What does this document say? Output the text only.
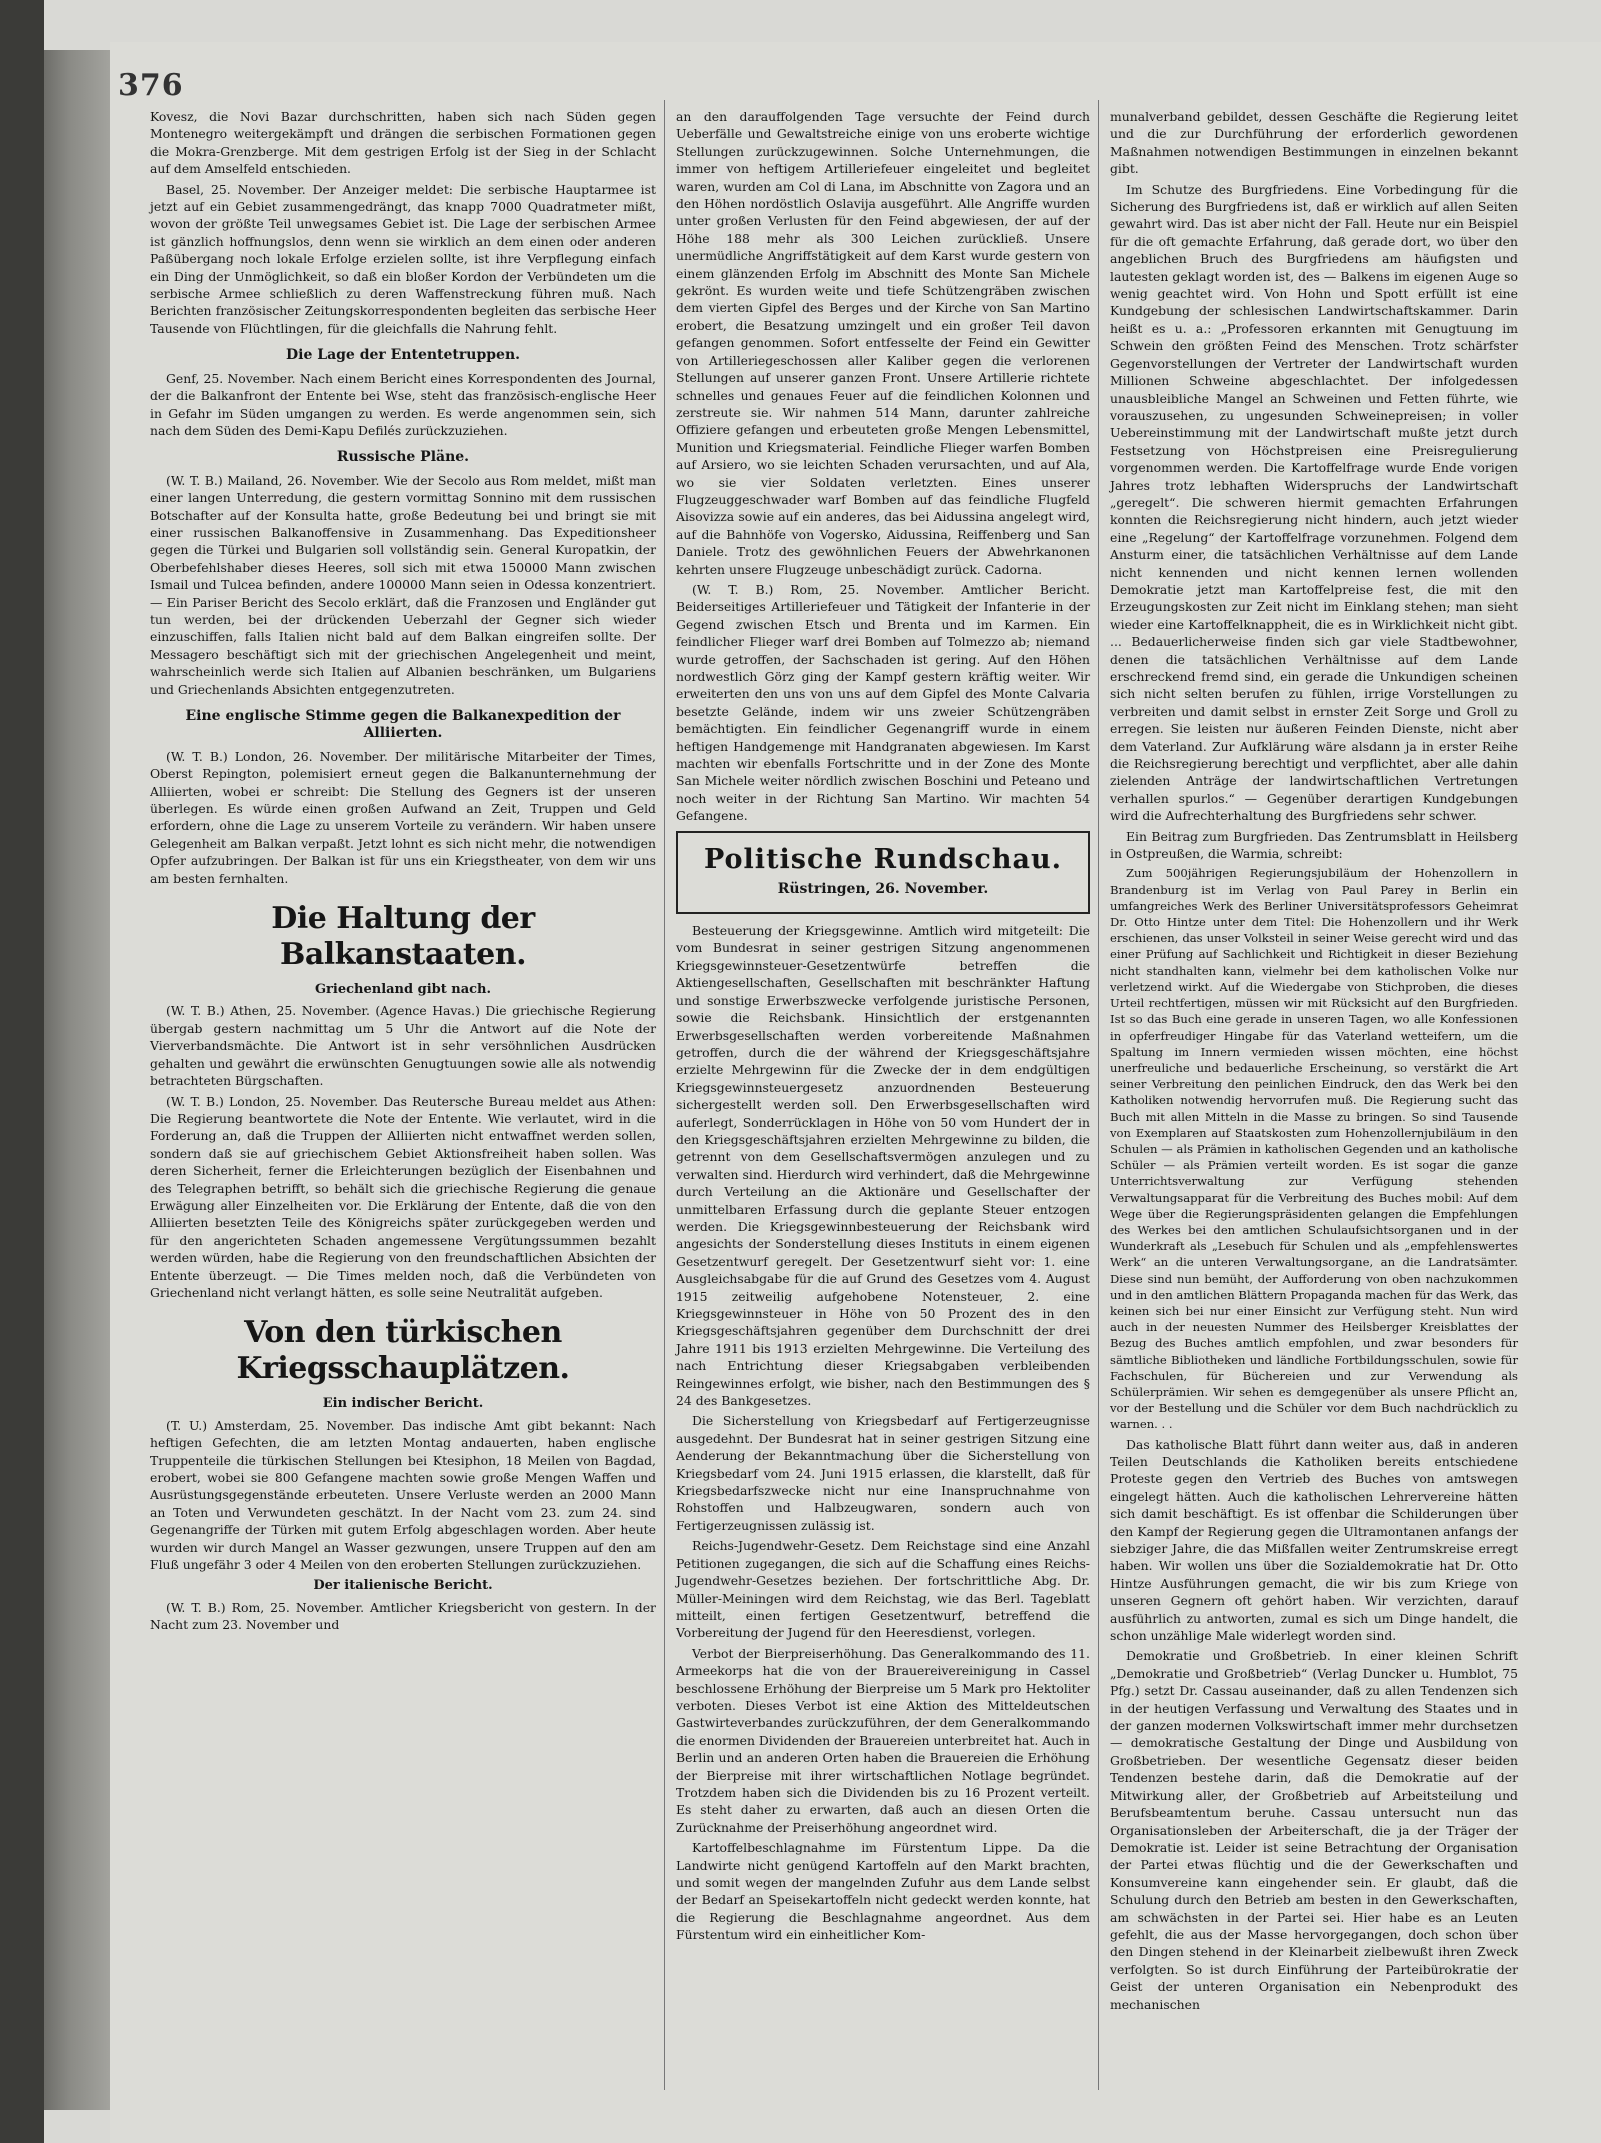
376

Kovesz, die Novi Bazar durchschritten, haben sich nach Süden gegen Montenegro weitergekämpft und drängen die serbischen Formationen gegen die Mokra-Grenzberge. Mit dem gestrigen Erfolg ist der Sieg in der Schlacht auf dem Amselfeld entschieden.

Basel, 25. November. Der Anzeiger meldet: Die serbische Hauptarmee ist jetzt auf ein Gebiet zusammengedrängt, das knapp 7000 Quadratmeter mißt, wovon der größte Teil unwegsames Gebiet ist. Die Lage der serbischen Armee ist gänzlich hoffnungslos, denn wenn sie wirklich an dem einen oder anderen Paßübergang noch lokale Erfolge erzielen sollte, ist ihre Verpflegung einfach ein Ding der Unmöglichkeit, so daß ein bloßer Kordon der Verbündeten um die serbische Armee schließlich zu deren Waffenstreckung führen muß. Nach Berichten französischer Zeitungskorrespondenten begleiten das serbische Heer Tausende von Flüchtlingen, für die gleichfalls die Nahrung fehlt.

Die Lage der Ententetruppen.

Genf, 25. November. Nach einem Bericht eines Korrespondenten des Journal, der die Balkanfront der Entente bei Wse, steht das französisch-englische Heer in Gefahr im Süden umgangen zu werden. Es werde angenommen sein, sich nach dem Süden des Demi-Kapu Defilés zurückzuziehen.

Russische Pläne.

(W. T. B.) Mailand, 26. November. Wie der Secolo aus Rom meldet, mißt man einer langen Unterredung, die gestern vormittag Sonnino mit dem russischen Botschafter auf der Konsulta hatte, große Bedeutung bei und bringt sie mit einer russischen Balkanoffensive in Zusammenhang. Das Expeditionsheer gegen die Türkei und Bulgarien soll vollständig sein. General Kuropatkin, der Oberbefehlshaber dieses Heeres, soll sich mit etwa 150000 Mann zwischen Ismail und Tulcea befinden, andere 100000 Mann seien in Odessa konzentriert. — Ein Pariser Bericht des Secolo erklärt, daß die Franzosen und Engländer gut tun werden, bei der drückenden Ueberzahl der Gegner sich wieder einzuschiffen, falls Italien nicht bald auf dem Balkan eingreifen sollte. Der Messagero beschäftigt sich mit der griechischen Angelegenheit und meint, wahrscheinlich werde sich Italien auf Albanien beschränken, um Bulgariens und Griechenlands Absichten entgegenzutreten.

Eine englische Stimme gegen die Balkanexpedition der Alliierten.

(W. T. B.) London, 26. November. Der militärische Mitarbeiter der Times, Oberst Repington, polemisiert erneut gegen die Balkanunternehmung der Alliierten, wobei er schreibt: Die Stellung des Gegners ist der unseren überlegen. Es würde einen großen Aufwand an Zeit, Truppen und Geld erfordern, ohne die Lage zu unserem Vorteile zu verändern. Wir haben unsere Gelegenheit am Balkan verpaßt. Jetzt lohnt es sich nicht mehr, die notwendigen Opfer aufzubringen. Der Balkan ist für uns ein Kriegstheater, von dem wir uns am besten fernhalten.

Die Haltung der Balkanstaaten.
Griechenland gibt nach.

(W. T. B.) Athen, 25. November. (Agence Havas.) Die griechische Regierung übergab gestern nachmittag um 5 Uhr die Antwort auf die Note der Vierverbandsmächte. Die Antwort ist in sehr versöhnlichen Ausdrücken gehalten und gewährt die erwünschten Genugtuungen sowie alle als notwendig betrachteten Bürgschaften.

(W. T. B.) London, 25. November. Das Reutersche Bureau meldet aus Athen: Die Regierung beantwortete die Note der Entente. Wie verlautet, wird in die Forderung an, daß die Truppen der Alliierten nicht entwaffnet werden sollen, sondern daß sie auf griechischem Gebiet Aktionsfreiheit haben sollen. Was deren Sicherheit, ferner die Erleichterungen bezüglich der Eisenbahnen und des Telegraphen betrifft, so behält sich die griechische Regierung die genaue Erwägung aller Einzelheiten vor. Die Erklärung der Entente, daß die von den Alliierten besetzten Teile des Königreichs später zurückgegeben werden und für den angerichteten Schaden angemessene Vergütungssummen bezahlt werden würden, habe die Regierung von den freundschaftlichen Absichten der Entente überzeugt. — Die Times melden noch, daß die Verbündeten von Griechenland nicht verlangt hätten, es solle seine Neutralität aufgeben.

Von den türkischen Kriegsschauplätzen.
Ein indischer Bericht.

(T. U.) Amsterdam, 25. November. Das indische Amt gibt bekannt: Nach heftigen Gefechten, die am letzten Montag andauerten, haben englische Truppenteile die türkischen Stellungen bei Ktesiphon, 18 Meilen von Bagdad, erobert, wobei sie 800 Gefangene machten sowie große Mengen Waffen und Ausrüstungsgegenstände erbeuteten. Unsere Verluste werden an 2000 Mann an Toten und Verwundeten geschätzt. In der Nacht vom 23. zum 24. sind Gegenangriffe der Türken mit gutem Erfolg abgeschlagen worden. Aber heute wurden wir durch Mangel an Wasser gezwungen, unsere Truppen auf den am Fluß ungefähr 3 oder 4 Meilen von den eroberten Stellungen zurückzuziehen.

Der italienische Bericht.

(W. T. B.) Rom, 25. November. Amtlicher Kriegsbericht von gestern. In der Nacht zum 23. November und

an den darauffolgenden Tage versuchte der Feind durch Ueberfälle und Gewaltstreiche einige von uns eroberte wichtige Stellungen zurückzugewinnen. Solche Unternehmungen, die immer von heftigem Artilleriefeuer eingeleitet und begleitet waren, wurden am Col di Lana, im Abschnitte von Zagora und an den Höhen nordöstlich Oslavija ausgeführt. Alle Angriffe wurden unter großen Verlusten für den Feind abgewiesen, der auf der Höhe 188 mehr als 300 Leichen zurückließ. Unsere unermüdliche Angriffstätigkeit auf dem Karst wurde gestern von einem glänzenden Erfolg im Abschnitt des Monte San Michele gekrönt. Es wurden weite und tiefe Schützengräben zwischen dem vierten Gipfel des Berges und der Kirche von San Martino erobert, die Besatzung umzingelt und ein großer Teil davon gefangen genommen. Sofort entfesselte der Feind ein Gewitter von Artilleriegeschossen aller Kaliber gegen die verlorenen Stellungen auf unserer ganzen Front. Unsere Artillerie richtete schnelles und genaues Feuer auf die feindlichen Kolonnen und zerstreute sie. Wir nahmen 514 Mann, darunter zahlreiche Offiziere gefangen und erbeuteten große Mengen Lebensmittel, Munition und Kriegsmaterial. Feindliche Flieger warfen Bomben auf Arsiero, wo sie leichten Schaden verursachten, und auf Ala, wo sie vier Soldaten verletzten. Eines unserer Flugzeuggeschwader warf Bomben auf das feindliche Flugfeld Aisovizza sowie auf ein anderes, das bei Aidussina angelegt wird, auf die Bahnhöfe von Vogersko, Aidussina, Reiffenberg und San Daniele. Trotz des gewöhnlichen Feuers der Abwehrkanonen kehrten unsere Flugzeuge unbeschädigt zurück. Cadorna.

(W. T. B.) Rom, 25. November. Amtlicher Bericht. Beiderseitiges Artilleriefeuer und Tätigkeit der Infanterie in der Gegend zwischen Etsch und Brenta und im Karmen. Ein feindlicher Flieger warf drei Bomben auf Tolmezzo ab; niemand wurde getroffen, der Sachschaden ist gering. Auf den Höhen nordwestlich Görz ging der Kampf gestern kräftig weiter. Wir erweiterten den uns von uns auf dem Gipfel des Monte Calvaria besetzte Gelände, indem wir uns zweier Schützengräben bemächtigten. Ein feindlicher Gegenangriff wurde in einem heftigen Handgemenge mit Handgranaten abgewiesen. Im Karst machten wir ebenfalls Fortschritte und in der Zone des Monte San Michele weiter nördlich zwischen Boschini und Peteano und noch weiter in der Richtung San Martino. Wir machten 54 Gefangene.

Politische Rundschau.
Rüstringen, 26. November.

Besteuerung der Kriegsgewinne. Amtlich wird mitgeteilt: Die vom Bundesrat in seiner gestrigen Sitzung angenommenen Kriegsgewinnsteuer-Gesetzentwürfe betreffen die Aktiengesellschaften, Gesellschaften mit beschränkter Haftung und sonstige Erwerbszwecke verfolgende juristische Personen, sowie die Reichsbank. Hinsichtlich der erstgenannten Erwerbsgesellschaften werden vorbereitende Maßnahmen getroffen, durch die der während der Kriegsgeschäftsjahre erzielte Mehrgewinn für die Zwecke der in dem endgültigen Kriegsgewinnsteuergesetz anzuordnenden Besteuerung sichergestellt werden soll. Den Erwerbsgesellschaften wird auferlegt, Sonderrücklagen in Höhe von 50 vom Hundert der in den Kriegsgeschäftsjahren erzielten Mehrgewinne zu bilden, die getrennt von dem Gesellschaftsvermögen anzulegen und zu verwalten sind. Hierdurch wird verhindert, daß die Mehrgewinne durch Verteilung an die Aktionäre und Gesellschafter der unmittelbaren Erfassung durch die geplante Steuer entzogen werden. Die Kriegsgewinnbesteuerung der Reichsbank wird angesichts der Sonderstellung dieses Instituts in einem eigenen Gesetzentwurf geregelt. Der Gesetzentwurf sieht vor: 1. eine Ausgleichsabgabe für die auf Grund des Gesetzes vom 4. August 1915 zeitweilig aufgehobene Notensteuer, 2. eine Kriegsgewinnsteuer in Höhe von 50 Prozent des in den Kriegsgeschäftsjahren gegenüber dem Durchschnitt der drei Jahre 1911 bis 1913 erzielten Mehrgewinne. Die Verteilung des nach Entrichtung dieser Kriegsabgaben verbleibenden Reingewinnes erfolgt, wie bisher, nach den Bestimmungen des § 24 des Bankgesetzes.

Die Sicherstellung von Kriegsbedarf auf Fertigerzeugnisse ausgedehnt. Der Bundesrat hat in seiner gestrigen Sitzung eine Aenderung der Bekanntmachung über die Sicherstellung von Kriegsbedarf vom 24. Juni 1915 erlassen, die klarstellt, daß für Kriegsbedarfszwecke nicht nur eine Inanspruchnahme von Rohstoffen und Halbzeugwaren, sondern auch von Fertigerzeugnissen zulässig ist.

Reichs-Jugendwehr-Gesetz. Dem Reichstage sind eine Anzahl Petitionen zugegangen, die sich auf die Schaffung eines Reichs-Jugendwehr-Gesetzes beziehen. Der fortschrittliche Abg. Dr. Müller-Meiningen wird dem Reichstag, wie das Berl. Tageblatt mitteilt, einen fertigen Gesetzentwurf, betreffend die Vorbereitung der Jugend für den Heeresdienst, vorlegen.

Verbot der Bierpreiserhöhung. Das Generalkommando des 11. Armeekorps hat die von der Brauereivereinigung in Cassel beschlossene Erhöhung der Bierpreise um 5 Mark pro Hektoliter verboten. Dieses Verbot ist eine Aktion des Mitteldeutschen Gastwirteverbandes zurückzuführen, der dem Generalkommando die enormen Dividenden der Brauereien unterbreitet hat. Auch in Berlin und an anderen Orten haben die Brauereien die Erhöhung der Bierpreise mit ihrer wirtschaftlichen Notlage begründet. Trotzdem haben sich die Dividenden bis zu 16 Prozent verteilt. Es steht daher zu erwarten, daß auch an diesen Orten die Zurücknahme der Preiserhöhung angeordnet wird.

Kartoffelbeschlagnahme im Fürstentum Lippe. Da die Landwirte nicht genügend Kartoffeln auf den Markt brachten, und somit wegen der mangelnden Zufuhr aus dem Lande selbst der Bedarf an Speisekartoffeln nicht gedeckt werden konnte, hat die Regierung die Beschlagnahme angeordnet. Aus dem Fürstentum wird ein einheitlicher Kom-

munalverband gebildet, dessen Geschäfte die Regierung leitet und die zur Durchführung der erforderlich gewordenen Maßnahmen notwendigen Bestimmungen in einzelnen bekannt gibt.

Im Schutze des Burgfriedens. Eine Vorbedingung für die Sicherung des Burgfriedens ist, daß er wirklich auf allen Seiten gewahrt wird. Das ist aber nicht der Fall. Heute nur ein Beispiel für die oft gemachte Erfahrung, daß gerade dort, wo über den angeblichen Bruch des Burgfriedens am häufigsten und lautesten geklagt worden ist, des — Balkens im eigenen Auge so wenig geachtet wird. Von Hohn und Spott erfüllt ist eine Kundgebung der schlesischen Landwirtschaftskammer. Darin heißt es u. a.: „Professoren erkannten mit Genugtuung im Schwein den größten Feind des Menschen. Trotz schärfster Gegenvorstellungen der Vertreter der Landwirtschaft wurden Millionen Schweine abgeschlachtet. Der infolgedessen unausbleibliche Mangel an Schweinen und Fetten führte, wie vorauszusehen, zu ungesunden Schweinepreisen; in voller Uebereinstimmung mit der Landwirtschaft mußte jetzt durch Festsetzung von Höchstpreisen eine Preisregulierung vorgenommen werden. Die Kartoffelfrage wurde Ende vorigen Jahres trotz lebhaften Widerspruchs der Landwirtschaft „geregelt“. Die schweren hiermit gemachten Erfahrungen konnten die Reichsregierung nicht hindern, auch jetzt wieder eine „Regelung“ der Kartoffelfrage vorzunehmen. Folgend dem Ansturm einer, die tatsächlichen Verhältnisse auf dem Lande nicht kennenden und nicht kennen lernen wollenden Demokratie jetzt man Kartoffelpreise fest, die mit den Erzeugungskosten zur Zeit nicht im Einklang stehen; man sieht wieder eine Kartoffelknappheit, die es in Wirklichkeit nicht gibt. ... Bedauerlicherweise finden sich gar viele Stadtbewohner, denen die tatsächlichen Verhältnisse auf dem Lande erschreckend fremd sind, ein gerade die Unkundigen scheinen sich nicht selten berufen zu fühlen, irrige Vorstellungen zu verbreiten und damit selbst in ernster Zeit Sorge und Groll zu erregen. Sie leisten nur äußeren Feinden Dienste, nicht aber dem Vaterland. Zur Aufklärung wäre alsdann ja in erster Reihe die Reichsregierung berechtigt und verpflichtet, aber alle dahin zielenden Anträge der landwirtschaftlichen Vertretungen verhallen spurlos.“ — Gegenüber derartigen Kundgebungen wird die Aufrechterhaltung des Burgfriedens sehr schwer.

Ein Beitrag zum Burgfrieden. Das Zentrumsblatt in Heilsberg in Ostpreußen, die Warmia, schreibt:

Zum 500jährigen Regierungsjubiläum der Hohenzollern in Brandenburg ist im Verlag von Paul Parey in Berlin ein umfangreiches Werk des Berliner Universitätsprofessors Geheimrat Dr. Otto Hintze unter dem Titel: Die Hohenzollern und ihr Werk erschienen, das unser Volksteil in seiner Weise gerecht wird und das einer Prüfung auf Sachlichkeit und Richtigkeit in dieser Beziehung nicht standhalten kann, vielmehr bei dem katholischen Volke nur verletzend wirkt. Auf die Wiedergabe von Stichproben, die dieses Urteil rechtfertigen, müssen wir mit Rücksicht auf den Burgfrieden. Ist so das Buch eine gerade in unseren Tagen, wo alle Konfessionen in opferfreudiger Hingabe für das Vaterland wetteifern, um die Spaltung im Innern vermieden wissen möchten, eine höchst unerfreuliche und bedauerliche Erscheinung, so verstärkt die Art seiner Verbreitung den peinlichen Eindruck, den das Werk bei den Katholiken notwendig hervorrufen muß. Die Regierung sucht das Buch mit allen Mitteln in die Masse zu bringen. So sind Tausende von Exemplaren auf Staatskosten zum Hohenzollernjubiläum in den Schulen — als Prämien in katholischen Gegenden und an katholische Schüler — als Prämien verteilt worden. Es ist sogar die ganze Unterrichtsverwaltung zur Verfügung stehenden Verwaltungsapparat für die Verbreitung des Buches mobil: Auf dem Wege über die Regierungspräsidenten gelangen die Empfehlungen des Werkes bei den amtlichen Schulaufsichtsorganen und in der Wunderkraft als „Lesebuch für Schulen und als „empfehlenswertes Werk“ an die unteren Verwaltungsorgane, an die Landratsämter. Diese sind nun bemüht, der Aufforderung von oben nachzukommen und in den amtlichen Blättern Propaganda machen für das Werk, das keinen sich bei nur einer Einsicht zur Verfügung steht. Nun wird auch in der neuesten Nummer des Heilsberger Kreisblattes der Bezug des Buches amtlich empfohlen, und zwar besonders für sämtliche Bibliotheken und ländliche Fortbildungsschulen, sowie für Fachschulen, für Büchereien und zur Verwendung als Schülerprämien. Wir sehen es demgegenüber als unsere Pflicht an, vor der Bestellung und die Schüler vor dem Buch nachdrücklich zu warnen. . .

Das katholische Blatt führt dann weiter aus, daß in anderen Teilen Deutschlands die Katholiken bereits entschiedene Proteste gegen den Vertrieb des Buches von amtswegen eingelegt hätten. Auch die katholischen Lehrervereine hätten sich damit beschäftigt. Es ist offenbar die Schilderungen über den Kampf der Regierung gegen die Ultramontanen anfangs der siebziger Jahre, die das Mißfallen weiter Zentrumskreise erregt haben. Wir wollen uns über die Sozialdemokratie hat Dr. Otto Hintze Ausführungen gemacht, die wir bis zum Kriege von unseren Gegnern oft gehört haben. Wir verzichten, darauf ausführlich zu antworten, zumal es sich um Dinge handelt, die schon unzählige Male widerlegt worden sind.

Demokratie und Großbetrieb. In einer kleinen Schrift „Demokratie und Großbetrieb“ (Verlag Duncker u. Humblot, 75 Pfg.) setzt Dr. Cassau auseinander, daß zu allen Tendenzen sich in der heutigen Verfassung und Verwaltung des Staates und in der ganzen modernen Volkswirtschaft immer mehr durchsetzen — demokratische Gestaltung der Dinge und Ausbildung von Großbetrieben. Der wesentliche Gegensatz dieser beiden Tendenzen bestehe darin, daß die Demokratie auf der Mitwirkung aller, der Großbetrieb auf Arbeitsteilung und Berufsbeamtentum beruhe. Cassau untersucht nun das Organisationsleben der Arbeiterschaft, die ja der Träger der Demokratie ist. Leider ist seine Betrachtung der Organisation der Partei etwas flüchtig und die der Gewerkschaften und Konsumvereine kann eingehender sein. Er glaubt, daß die Schulung durch den Betrieb am besten in den Gewerkschaften, am schwächsten in der Partei sei. Hier habe es an Leuten gefehlt, die aus der Masse hervorgegangen, doch schon über den Dingen stehend in der Kleinarbeit zielbewußt ihren Zweck verfolgten. So ist durch Einführung der Parteibürokratie der Geist der unteren Organisation ein Nebenprodukt des mechanischen
